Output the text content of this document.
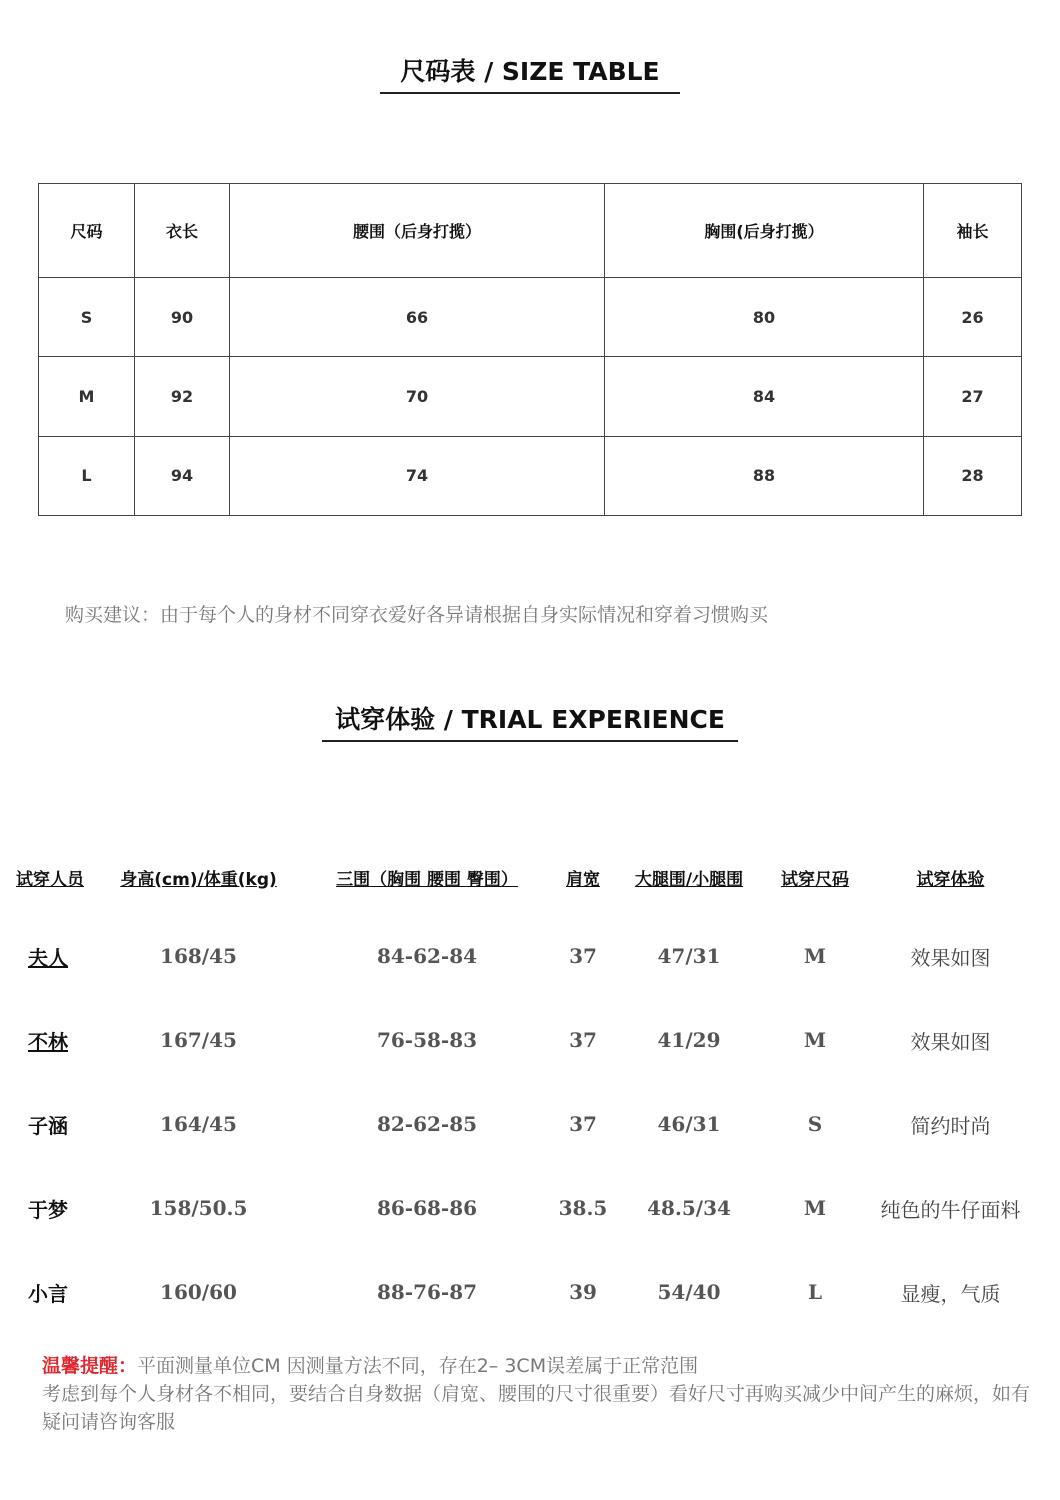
尺码表 / SIZE TABLE
尺码	衣长	腰围（后身打揽）	胸围(后身打揽）	袖长
S	90	66	80	26
M	92	70	84	27
L	94	74	88	28
购买建议：由于每个人的身材不同穿衣爱好各异请根据自身实际情况和穿着习惯购买
试穿体验 / TRIAL EXPERIENCE
试穿人员	身高(cm)/体重(kg)	三围（胸围 腰围 臀围）	肩宽	大腿围/小腿围	试穿尺码	试穿体验
夫人	168/45	84-62-84	37	47/31	M	效果如图
不林	167/45	76-58-83	37	41/29	M	效果如图
子涵	164/45	82-62-85	37	46/31	S	简约时尚
于梦	158/50.5	86-68-86	38.5	48.5/34	M	纯色的牛仔面料
小言	160/60	88-76-87	39	54/40	L	显瘦，气质
温馨提醒：平面测量单位CM 因测量方法不同，存在2– 3CM误差属于正常范围
考虑到每个人身材各不相同，要结合自身数据（肩宽、腰围的尺寸很重要）看好尺寸再购买减少中间产生的麻烦，如有疑问请咨询客服
